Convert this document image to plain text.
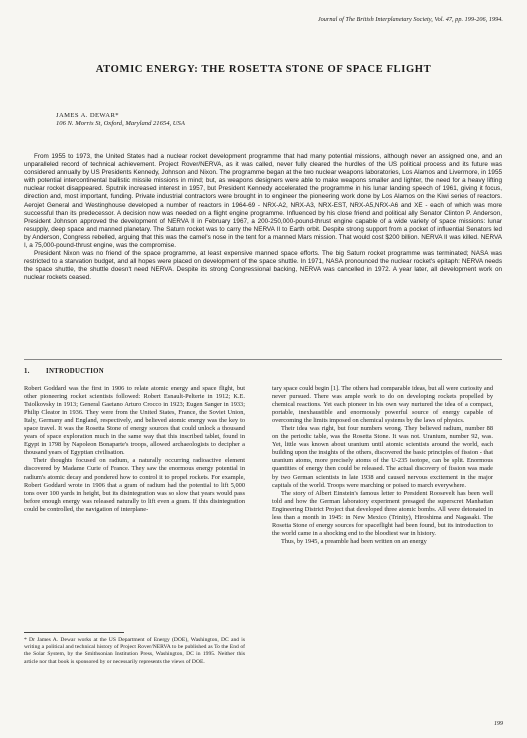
Journal of The British Interplanetary Society, Vol. 47, pp. 199-206, 1994.
ATOMIC ENERGY: THE ROSETTA STONE OF SPACE FLIGHT
JAMES A. DEWAR*
106 N. Morris St, Oxford, Maryland 21654, USA

From 1955 to 1973, the United States had a nuclear rocket development programme that had many potential missions, although never an assigned one, and an unparalleled record of technical achievement. Project Rover/NERVA, as it was called, never fully cleared the hurdles of the US political process and its future was considered annually by US Presidents Kennedy, Johnson and Nixon. The programme began at the two nuclear weapons laboratories, Los Alamos and Livermore, in 1955 with potential intercontinental ballistic missile missions in mind; but, as weapons designers were able to make weapons smaller and lighter, the need for a heavy lifting nuclear rocket disappeared. Sputnik increased interest in 1957, but President Kennedy accelerated the programme in his lunar landing speech of 1961, giving it focus, direction and, most important, funding. Private industrial contractors were brought in to engineer the pioneering work done by Los Alamos on the Kiwi series of reactors. Aerojet General and Westinghouse developed a number of reactors in 1964-69 - NRX-A2, NRX-A3, NRX-EST, NRX-A5,NRX-A6 and XE - each of which was more successful than its predecessor. A decision now was needed on a flight engine programme. Influenced by his close friend and political ally Senator Clinton P. Anderson, President Johnson approved the development of NERVA II in February 1967, a 200-250,000-pound-thrust engine capable of a wide variety of space missions: lunar resupply, deep space and manned planetary. The Saturn rocket was to carry the NERVA II to Earth orbit. Despite strong support from a pocket of influential Senators led by Anderson, Congress rebelled, arguing that this was the camel's nose in the tent for a manned Mars mission. That would cost $200 billion. NERVA II was killed. NERVA I, a 75,000-pound-thrust engine, was the compromise.

President Nixon was no friend of the space programme, at least expensive manned space efforts. The big Saturn rocket programme was terminated; NASA was restricted to a starvation budget, and all hopes were placed on development of the space shuttle. In 1971, NASA pronounced the nuclear rocket's epitaph: NERVA needs the space shuttle, the shuttle doesn't need NERVA. Despite its strong Congressional backing, NERVA was cancelled in 1972. A year later, all development work on nuclear rockets ceased.

1. INTRODUCTION

Robert Goddard was the first in 1906 to relate atomic energy and space flight, but other pioneering rocket scientists followed: Robert Esnault-Pelterie in 1912; K.E. Tsiolkovsky in 1913; General Gaetano Arturo Crocco in 1923; Eugen Sanger in 1933; Philip Cleator in 1936. They were from the United States, France, the Soviet Union, Italy, Germany and England, respectively, and believed atomic energy was the key to space travel. It was the Rosetta Stone of energy sources that could unlock a thousand years of space exploration much in the same way that this inscribed tablet, found in Egypt in 1798 by Napoleon Bonaparte's troops, allowed archaeologists to decipher a thousand years of Egyptian civilisation.

Their thoughts focused on radium, a naturally occurring radioactive element discovered by Madame Curie of France. They saw the enormous energy potential in radium's atomic decay and pondered how to control it to propel rockets. For example, Robert Goddard wrote in 1906 that a gram of radium had the potential to lift 5,000 tons over 100 yards in height, but its disintegration was so slow that years would pass before enough energy was released naturally to lift even a gram. If this disintegration could be controlled, the navigation of interplane-

tary space could begin [1]. The others had comparable ideas, but all were curiosity and never pursued. There was ample work to do on developing rockets propelled by chemical reactions. Yet each pioneer in his own way nurtured the idea of a compact, portable, inexhaustible and enormously powerful source of energy capable of overcoming the limits imposed on chemical systems by the laws of physics.

Their idea was right, but four numbers wrong. They believed radium, number 88 on the periodic table, was the Rosetta Stone. It was not. Uranium, number 92, was. Yet, little was known about uranium until atomic scientists around the world, each building upon the insights of the others, discovered the basic principles of fission - that uranium atoms, more precisely atoms of the U-235 isotope, can be split. Enormous quantities of energy then could be released. The actual discovery of fission was made by two German scientists in late 1938 and caused nervous excitement in the major capitals of the world. Troops were marching or poised to march everywhere.

The story of Albert Einstein's famous letter to President Roosevelt has been well told and how the German laboratory experiment presaged the superscret Manhattan Engineering District Project that developed three atomic bombs. All were detonated in less than a month in 1945: in New Mexico (Trinity), Hiroshima and Nagasaki. The Rosetta Stone of energy sources for spaceflight had been found, but its introduction to the world came in a shocking end to the bloodiest war in history.

Thus, by 1945, a preamble had been written on an energy

* Dr James A. Dewar works at the US Department of Energy (DOE), Washington, DC and is writing a political and technical history of Project Rover/NERVA to be published as To the End of the Solar System, by the Smithsonian Institution Press, Washington, DC in 1995. Neither this article nor that book is sponsored by or necessarily represents the views of DOE.

199
